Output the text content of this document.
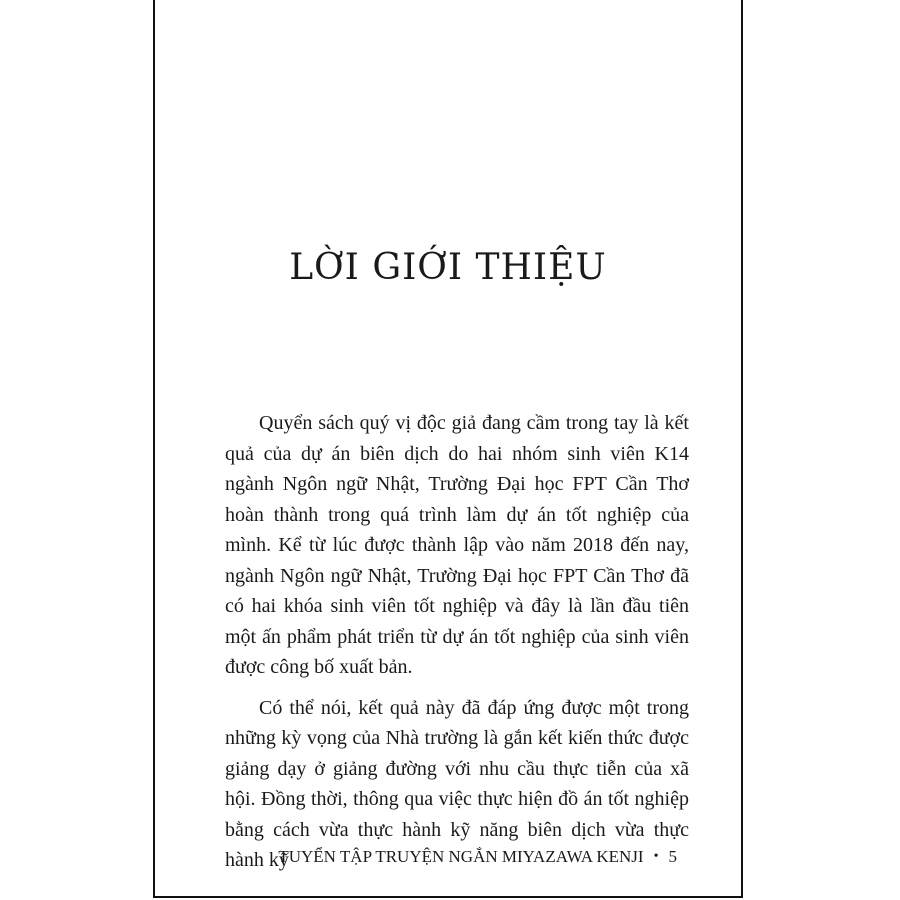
LỜI GIỚI THIỆU

Quyển sách quý vị độc giả đang cầm trong tay là kết quả của dự án biên dịch do hai nhóm sinh viên K14 ngành Ngôn ngữ Nhật, Trường Đại học FPT Cần Thơ hoàn thành trong quá trình làm dự án tốt nghiệp của mình. Kể từ lúc được thành lập vào năm 2018 đến nay, ngành Ngôn ngữ Nhật, Trường Đại học FPT Cần Thơ đã có hai khóa sinh viên tốt nghiệp và đây là lần đầu tiên một ấn phẩm phát triển từ dự án tốt nghiệp của sinh viên được công bố xuất bản.

Có thể nói, kết quả này đã đáp ứng được một trong những kỳ vọng của Nhà trường là gắn kết kiến thức được giảng dạy ở giảng đường với nhu cầu thực tiễn của xã hội. Đồng thời, thông qua việc thực hiện đồ án tốt nghiệp bằng cách vừa thực hành kỹ năng biên dịch vừa thực hành kỹ

TUYỂN TẬP TRUYỆN NGẮN MIYAZAWA KENJI • 5
